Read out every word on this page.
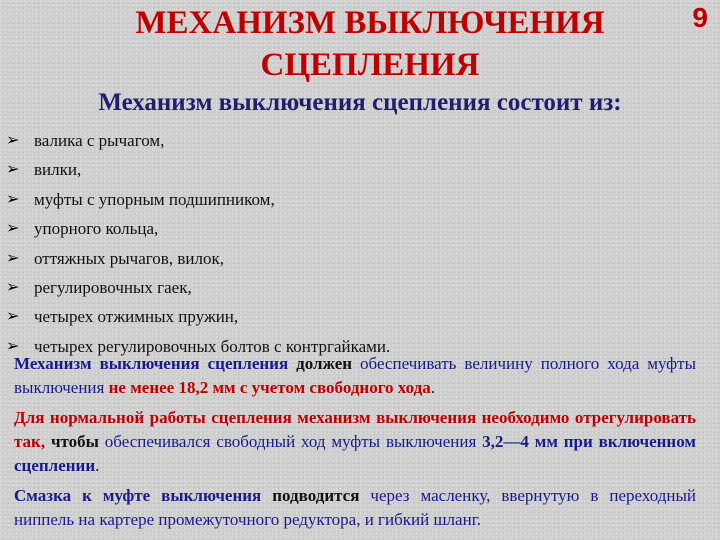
9
МЕХАНИЗМ ВЫКЛЮЧЕНИЯ
СЦЕПЛЕНИЯ
Механизм выключения сцепления состоит из:
➢ валика с рычагом,
➢ вилки,
➢ муфты с упорным подшипником,
➢ упорного кольца,
➢ оттяжных рычагов, вилок,
➢ регулировочных гаек,
➢ четырех отжимных пружин,
➢ четырех регулировочных болтов с контргайками.

Механизм выключения сцепления должен обеспечивать величину полного хода муфты выключения не менее 18,2 мм с учетом свободного хода.

Для нормальной работы сцепления механизм выключения необходимо отрегулировать так, чтобы обеспечивался свободный ход муфты выключения 3,2—4 мм при включенном сцеплении.

Смазка к муфте выключения подводится через масленку, ввернутую в переходный ниппель на картере промежуточного редуктора, и гибкий шланг.
